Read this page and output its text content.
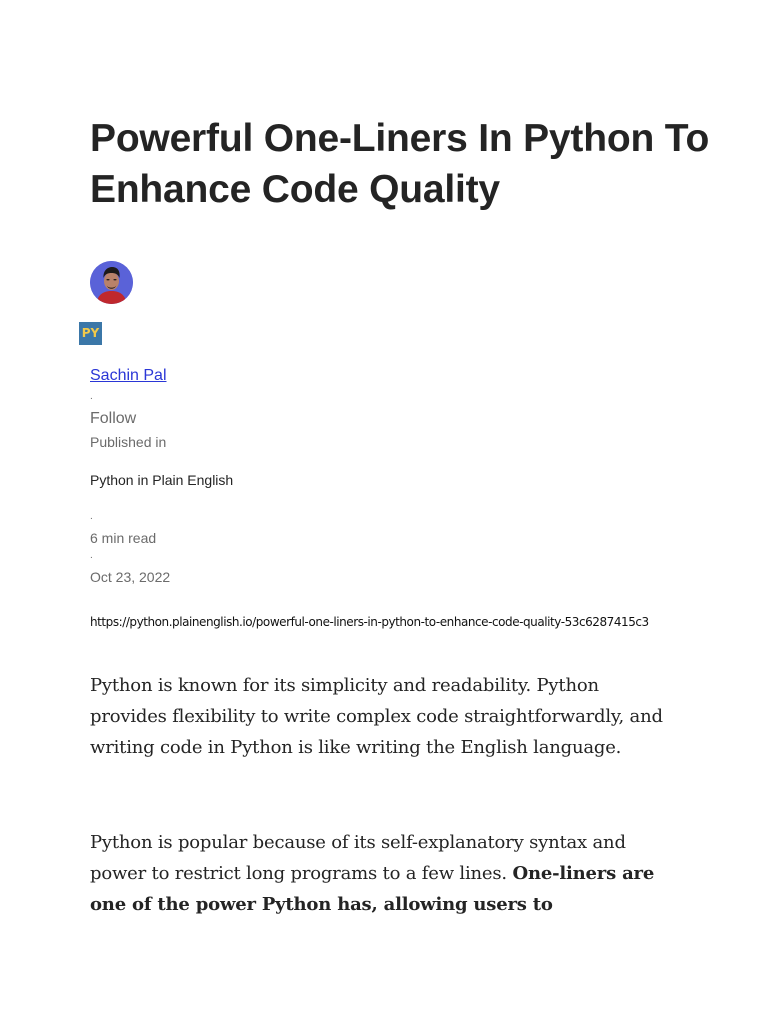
Powerful One-Liners In Python To Enhance Code Quality
PY
Sachin Pal
.
Follow
Published in
Python in Plain English
.
6 min read
.
Oct 23, 2022
https://python.plainenglish.io/powerful-one-liners-in-python-to-enhance-code-quality-53c6287415c3

Python is known for its simplicity and readability. Python provides flexibility to write complex code straightforwardly, and writing code in Python is like writing the English language.

Python is popular because of its self-explanatory syntax and power to restrict long programs to a few lines. One-liners are one of the power Python has, allowing users to
